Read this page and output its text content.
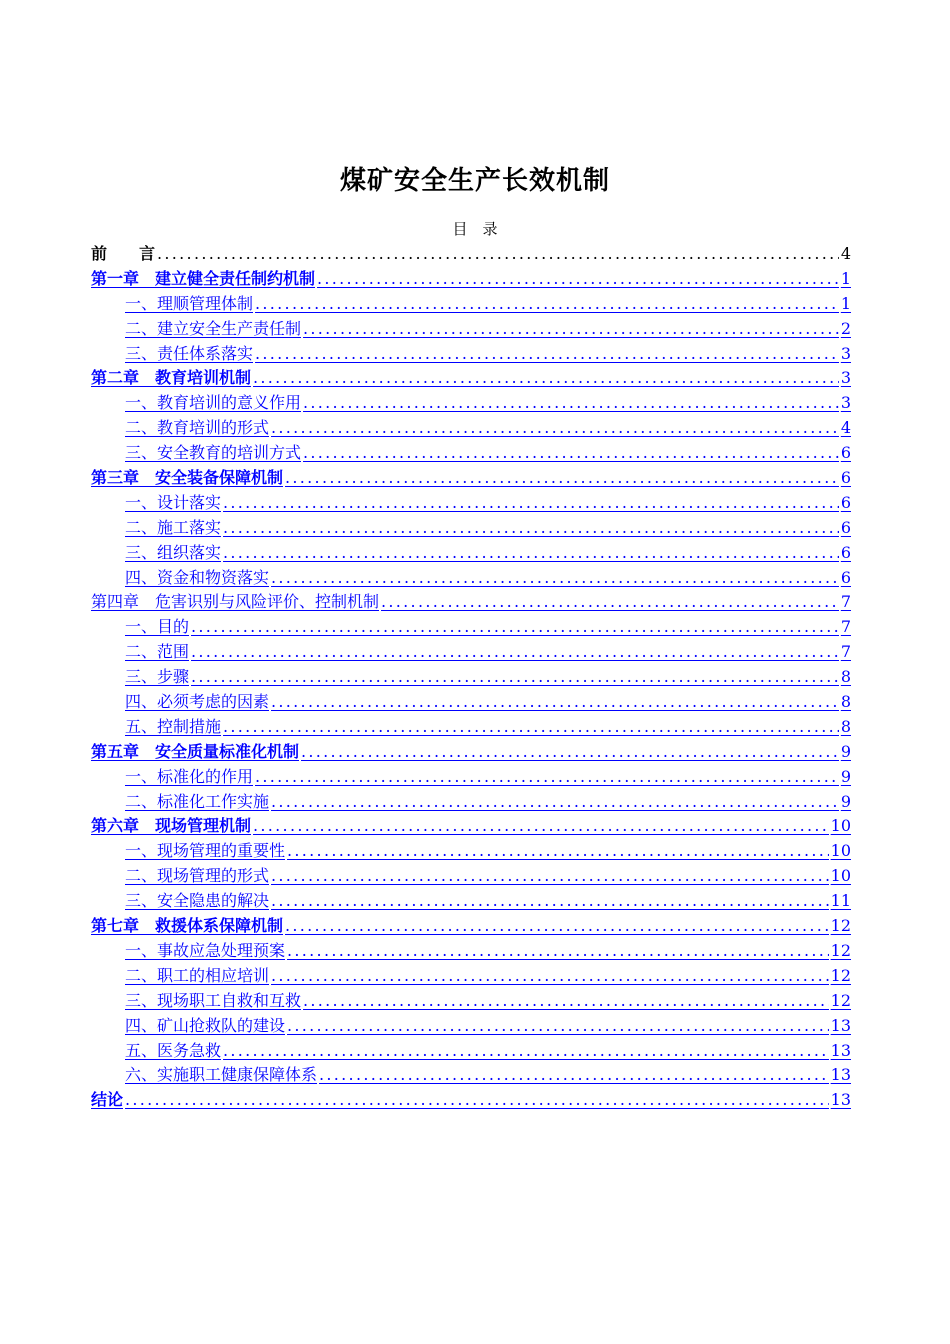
煤矿安全生产长效机制
目　录
前　　言 .....	4
第一章　建立健全责任制约机制 .....	1
一、理顺管理体制 .....	1
二、建立安全生产责任制 .....	2
三、责任体系落实 .....	3
第二章　教育培训机制 .....	3
一、教育培训的意义作用 .....	3
二、教育培训的形式 .....	4
三、安全教育的培训方式 .....	6
第三章　安全装备保障机制 .....	6
一、设计落实 .....	6
二、施工落实 .....	6
三、组织落实 .....	6
四、资金和物资落实 .....	6
第四章　危害识别与风险评价、控制机制 .....	7
一、目的 .....	7
二、范围 .....	7
三、步骤 .....	8
四、必须考虑的因素 .....	8
五、控制措施 .....	8
第五章　安全质量标准化机制 .....	9
一、标准化的作用 .....	9
二、标准化工作实施 .....	9
第六章　现场管理机制 .....	10
一、现场管理的重要性 .....	10
二、现场管理的形式 .....	10
三、安全隐患的解决 .....	11
第七章　救援体系保障机制 .....	12
一、事故应急处理预案 .....	12
二、职工的相应培训 .....	12
三、现场职工自救和互救 .....	12
四、矿山抢救队的建设 .....	13
五、医务急救 .....	13
六、实施职工健康保障体系 .....	13
结论 .....	13
